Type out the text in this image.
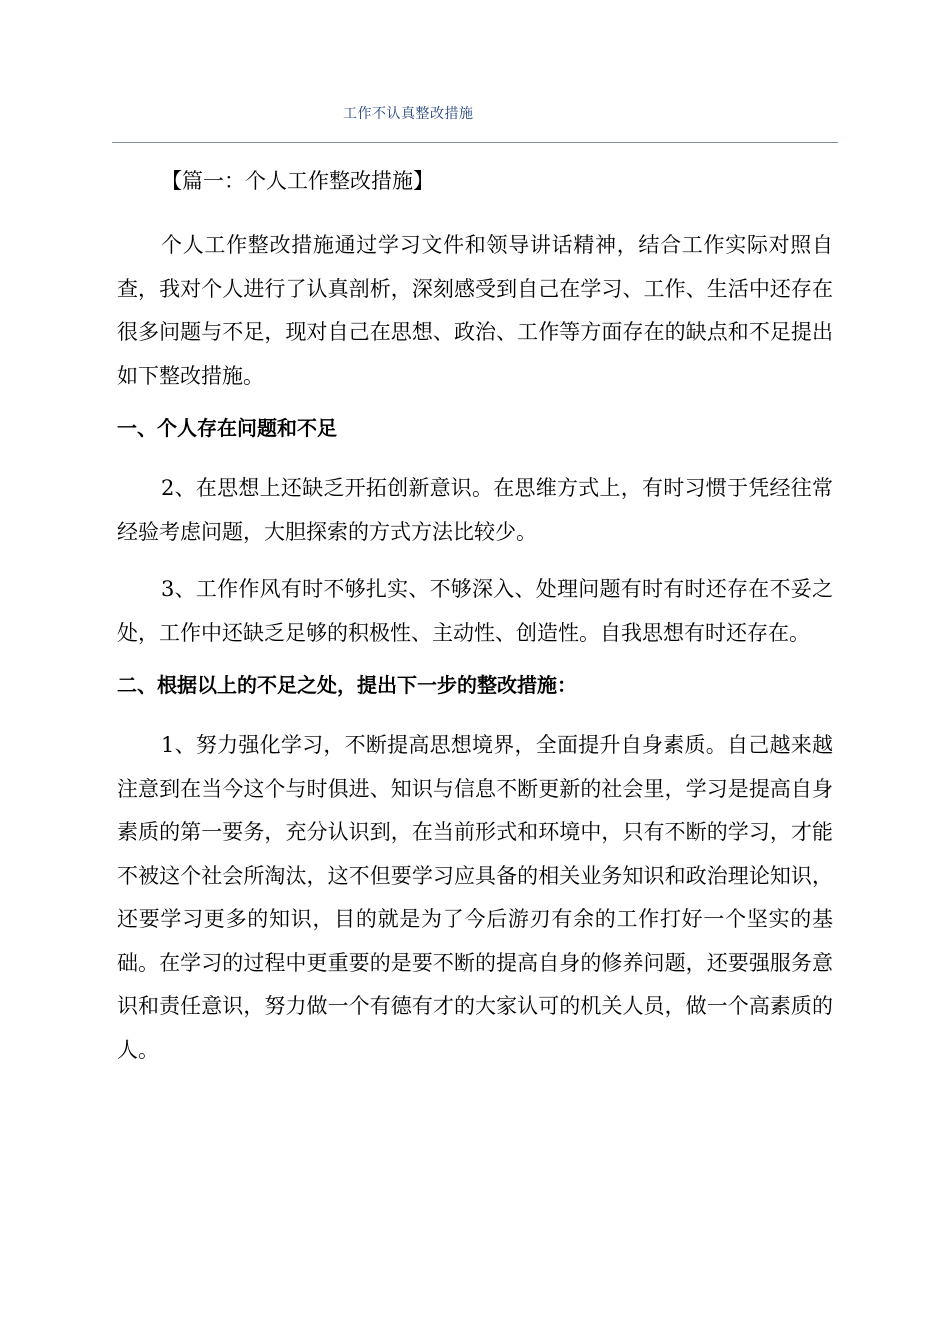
工作不认真整改措施
【篇一：个人工作整改措施】

个人工作整改措施通过学习文件和领导讲话精神，结合工作实际对照自查，我对个人进行了认真剖析，深刻感受到自己在学习、工作、生活中还存在很多问题与不足，现对自己在思想、政治、工作等方面存在的缺点和不足提出如下整改措施。

一、个人存在问题和不足

2、在思想上还缺乏开拓创新意识。在思维方式上，有时习惯于凭经往常经验考虑问题，大胆探索的方式方法比较少。

3、工作作风有时不够扎实、不够深入、处理问题有时有时还存在不妥之处，工作中还缺乏足够的积极性、主动性、创造性。自我思想有时还存在。

二、根据以上的不足之处，提出下一步的整改措施：

1、努力强化学习，不断提高思想境界，全面提升自身素质。自己越来越注意到在当今这个与时俱进、知识与信息不断更新的社会里，学习是提高自身素质的第一要务，充分认识到，在当前形式和环境中，只有不断的学习，才能不被这个社会所淘汰，这不但要学习应具备的相关业务知识和政治理论知识，还要学习更多的知识，目的就是为了今后游刃有余的工作打好一个坚实的基础。在学习的过程中更重要的是要不断的提高自身的修养问题，还要强服务意识和责任意识，努力做一个有德有才的大家认可的机关人员，做一个高素质的人。
